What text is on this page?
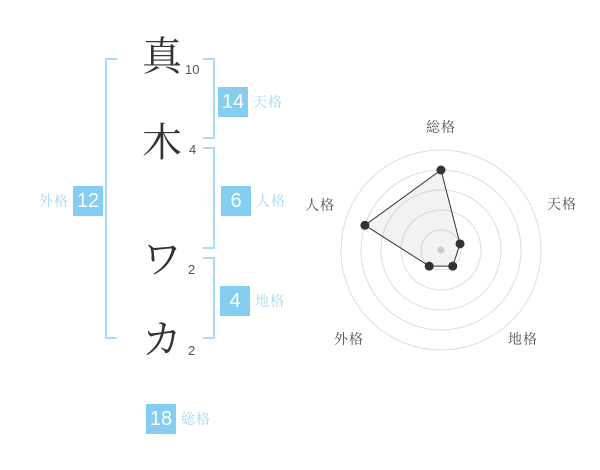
真
木
ワ
カ
10
4
2
2
14 天格
6	人格
4	地格
外格 12
18 総格
総格
天格
地格
外格
人格
